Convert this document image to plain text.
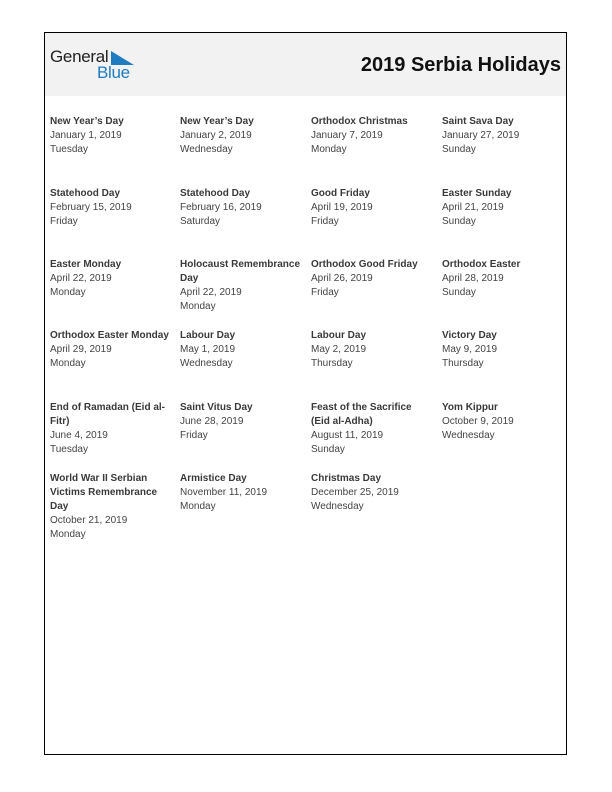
General
Blue	2019 Serbia Holidays
New Year’s Day
January 1, 2019
Tuesday
New Year’s Day
January 2, 2019
Wednesday
Orthodox Christmas
January 7, 2019
Monday
Saint Sava Day
January 27, 2019
Sunday
Statehood Day
February 15, 2019
Friday
Statehood Day
February 16, 2019
Saturday
Good Friday
April 19, 2019
Friday
Easter Sunday
April 21, 2019
Sunday
Easter Monday
April 22, 2019
Monday
Holocaust Remembrance Day
April 22, 2019
Monday
Orthodox Good Friday
April 26, 2019
Friday
Orthodox Easter
April 28, 2019
Sunday
Orthodox Easter Monday
April 29, 2019
Monday
Labour Day
May 1, 2019
Wednesday
Labour Day
May 2, 2019
Thursday
Victory Day
May 9, 2019
Thursday
End of Ramadan (Eid al-Fitr)
June 4, 2019
Tuesday
Saint Vitus Day
June 28, 2019
Friday
Feast of the Sacrifice (Eid al-Adha)
August 11, 2019
Sunday
Yom Kippur
October 9, 2019
Wednesday
World War II Serbian Victims Remembrance Day
October 21, 2019
Monday
Armistice Day
November 11, 2019
Monday
Christmas Day
December 25, 2019
Wednesday
